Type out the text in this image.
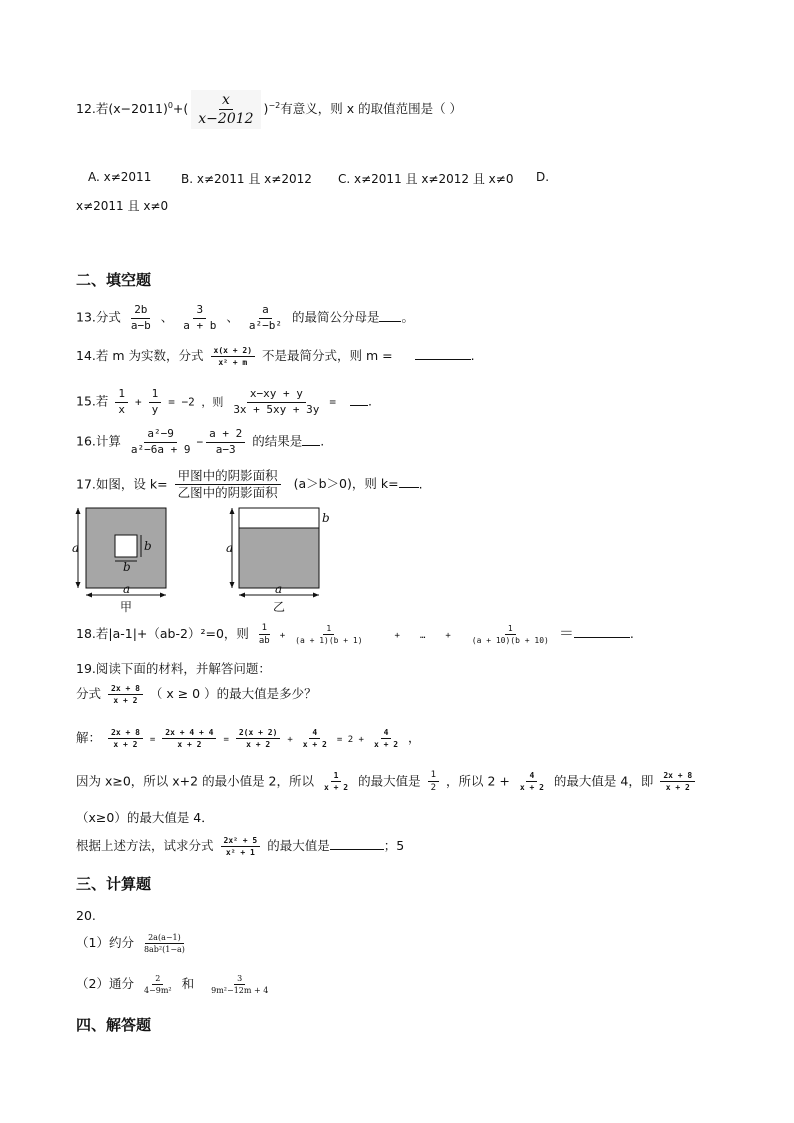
12.若$(x-2011)^0+( \frac{x}{x-2012} )^{-2}$有意义，则 x 的取值范围是（ ）
A. x≠2011 B. x≠2011 且 x≠2012 C. x≠2011 且 x≠2012 且 x≠0 D.
x≠2011 且 x≠0
二、填空题
13.分式 $\frac{2b}{a-b}$ 、 $\frac{3}{a + b}$ 、 $\frac{a}{\text{a²−b²}}$ 的最简公分母是 。
14.若 m 为实数，分式 $\frac{x(x + 2)}{\text{x² + m}}$ 不是最简分式，则 m =	.
15.若 $\frac{1}{x} + \frac{1}{y} = -2$ ，则 $\frac{x-xy + y}{3x + 5xy + 3y}$ =	.
16.计算 $\frac{\text{a²−9}}{\text{a²−6a + 9}} - \frac{a + 2}{a-3}$ 的结果是 .
17.如图，设 $k= \frac{\text{甲图中的阴影面积}}{\text{乙图中的阴影面积}} (a>b>0)$，则 k= .
a
a
b
b
甲
b
a
a
乙
18.若|a-1|+（ab-2）²=0，则 $\frac{1}{ab} + \frac{1}{(a + 1)(b + 1)}$	+ … + $\frac{1}{(a + 10)(b + 10)}$ ＝	.
19.阅读下面的材料，并解答问题：
分式 $\frac{2x + 8}{x + 2}$ （ x ≥ 0 ）的最大值是多少？
解： $\frac{2x + 8}{x + 2} = \frac{2x + 4 + 4}{x + 2} = \frac{2(x + 2)}{x + 2} + \frac{4}{x + 2} = 2 + \frac{4}{x + 2}$ ，
因为 x≥0，所以 x+2 的最小值是 2，所以 $\frac{1}{x + 2}$ 的最大值是 $\frac{1}{2}$ ，所以 $2 + \frac{4}{x + 2}$ 的最大值是 4，即 $\frac{2x + 8}{x + 2}$
（x≥0）的最大值是 4．
根据上述方法，试求分式 $\frac{\text{2x² + 5}}{\text{x² + 1}}$ 的最大值是	；5
三、计算题
20.
（1）约分 $\frac{2a(a-1)}{\text{8ab²(1−a)}}$
（2）通分 $\frac{2}{\text{4−9m²}}$ 和 $\frac{3}{\text{9m²−12m + 4}}$
四、解答题
